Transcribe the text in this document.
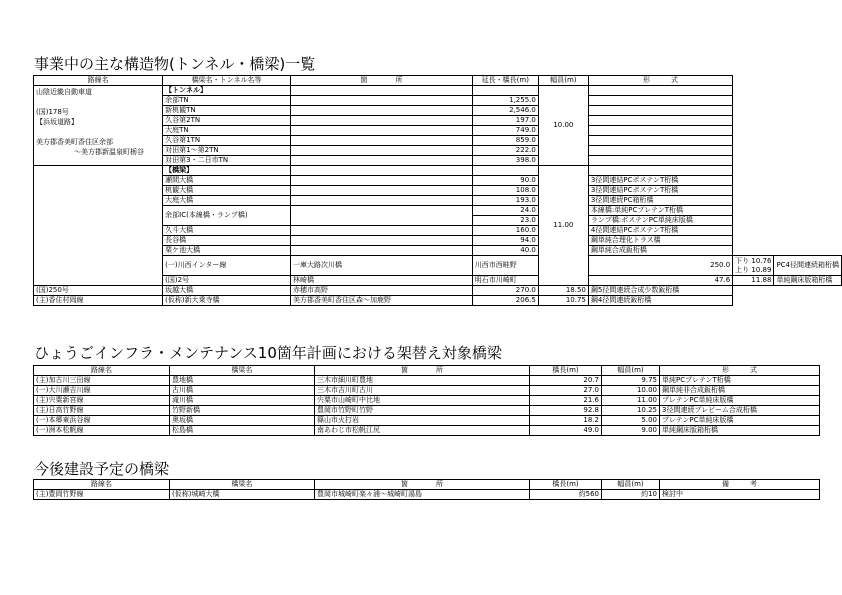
事業中の主な構造物(トンネル・橋梁)一覧
路線名	橋梁名・トンネル名等	箇　　　　所	延長・橋長(m)	幅員(m)	形　　　式		

山陰近畿自動車道

(国)178号
【浜坂道路】

美方郡香美町香住区余部
〜美方郡新温泉町栃谷	【トンネル】			10.00			
	余部TN		1,255.0				
	新桃観TN		2,546.0				
	久谷第2TN		197.0				
	大庭TN		749.0				
	久谷第1TN		859.0				
	対田第1〜第2TN		222.0				
	対田第3・二日市TN		398.0				
	【橋梁】			11.00			
	瀬間大橋		90.0		3径間連結PCポステンT桁橋		
	桃観大橋		108.0		3径間連結PCポステンT桁橋		
	大庭大橋		193.0		3径間連続PC箱桁橋		
	余部IC(本線橋・ランプ橋)		24.0		本線橋:単純PCプレテンT桁橋		
			23.0		ランプ橋:ポステンPC単純床版橋		
	久斗大橋		160.0		4径間連結PCポステンT桁橋		
	長谷橋		94.0		鋼単純合理化トラス橋		
	栗ケ池大橋		40.0		鋼単純合成鈑桁橋		
	(一)川西インター線	一庫大路次川橋	川西市西畦野		250.0	下り 10.76
上り 10.89	PC4径間連続箱桁橋
	(国)2号	林崎橋	明石市川崎町		47.6	11.88	単純鋼床版箱桁橋
(国)250号	坂越大橋	赤穂市高野	270.0	18.50	鋼5径間連続合成少数鈑桁橋		
(主)香住村岡線	(仮称)新大乗寺橋	美方郡香美町香住区森〜加鹿野	206.5	10.75	鋼4径間連続鈑桁橋		
ひょうごインフラ・メンテナンス10箇年計画における架替え対象橋梁
路線名	橋梁名	箇　　　　所	橋長(m)	幅員(m)	形　　　式
(主)加古川三田線	豊地橋	三木市細川町豊地	20.7	9.75	単純PCプレテンT桁橋
(一)大川瀬吉川線	古川橋	三木市吉川町古川	27.0	10.00	鋼単純非合成鈑桁橋
(主)宍粟新宮線	滝川橋	宍粟市山崎町中比地	21.6	11.00	プレテンPC単純床版橋
(主)日高竹野線	竹野新橋	豊岡市竹野町竹野	92.8	10.25	3径間連続プレビーム合成桁橋
(一)本郷東浜谷線	奥坂橋	篠山市火打岩	18.2	5.00	プレテンPC単純床版橋
(一)洲本松帆線	松島橋	南あわじ市松帆江尻	49.0	9.00	単純鋼床版箱桁橋
今後建設予定の橋梁
路線名	橋梁名	箇　　　　所	橋長(m)	幅員(m)	備　　　考
(主)豊岡竹野線	(仮称)城崎大橋	豊岡市城崎町楽々浦〜城崎町湯島	約560	約10	検討中
